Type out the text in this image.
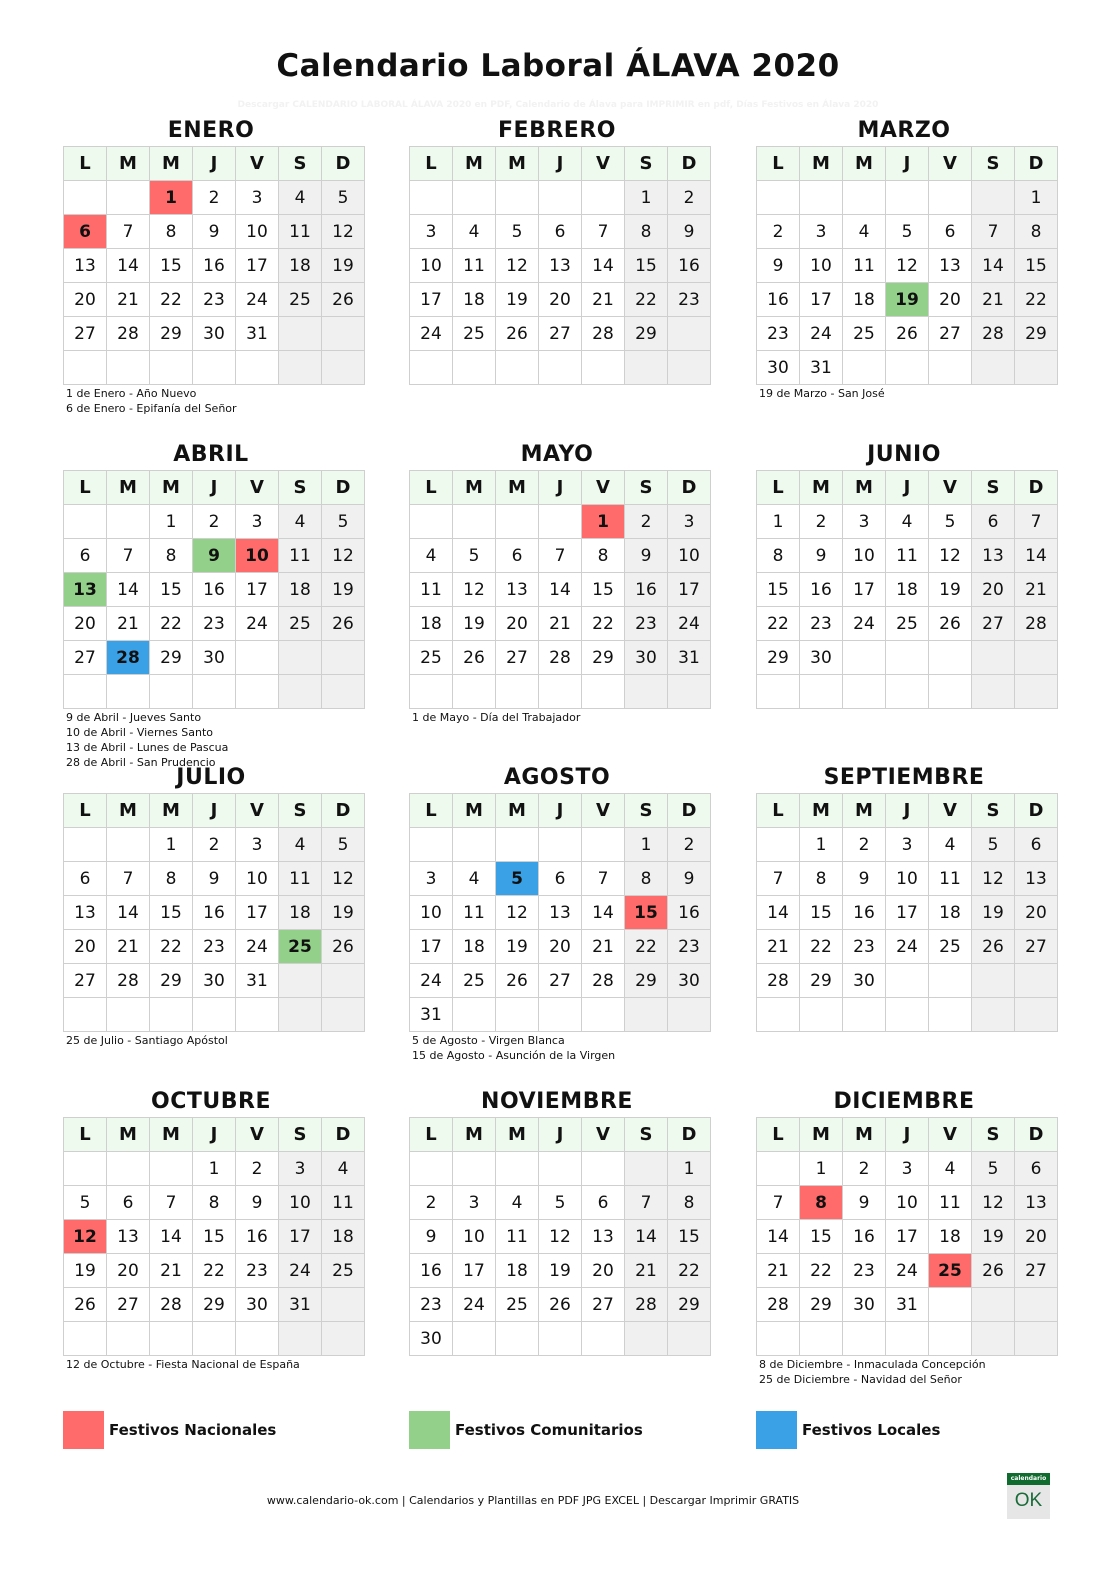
Calendario Laboral ÁLAVA 2020
Descargar CALENDARIO LABORAL ÁLAVA 2020 en PDF, Calendario de Álava para IMPRIMIR en pdf, Días Festivos en Álava 2020
ENERO
L	M	M	J	V	S	D
		1	2	3	4	5
6	7	8	9	10	11	12
13	14	15	16	17	18	19
20	21	22	23	24	25	26
27	28	29	30	31		

1 de Enero - Año Nuevo
6 de Enero - Epifanía del Señor
FEBRERO
L	M	M	J	V	S	D
					1	2
3	4	5	6	7	8	9
10	11	12	13	14	15	16
17	18	19	20	21	22	23
24	25	26	27	28	29	

MARZO
L	M	M	J	V	S	D
						1
2	3	4	5	6	7	8
9	10	11	12	13	14	15
16	17	18	19	20	21	22
23	24	25	26	27	28	29
30	31					
19 de Marzo - San José
ABRIL
L	M	M	J	V	S	D
		1	2	3	4	5
6	7	8	9	10	11	12
13	14	15	16	17	18	19
20	21	22	23	24	25	26
27	28	29	30			

9 de Abril - Jueves Santo
10 de Abril - Viernes Santo
13 de Abril - Lunes de Pascua
28 de Abril - San Prudencio
MAYO
L	M	M	J	V	S	D
				1	2	3
4	5	6	7	8	9	10
11	12	13	14	15	16	17
18	19	20	21	22	23	24
25	26	27	28	29	30	31

1 de Mayo - Día del Trabajador
JUNIO
L	M	M	J	V	S	D
1	2	3	4	5	6	7
8	9	10	11	12	13	14
15	16	17	18	19	20	21
22	23	24	25	26	27	28
29	30					

JULIO
L	M	M	J	V	S	D
		1	2	3	4	5
6	7	8	9	10	11	12
13	14	15	16	17	18	19
20	21	22	23	24	25	26
27	28	29	30	31		

25 de Julio - Santiago Apóstol
AGOSTO
L	M	M	J	V	S	D
					1	2
3	4	5	6	7	8	9
10	11	12	13	14	15	16
17	18	19	20	21	22	23
24	25	26	27	28	29	30
31						
5 de Agosto - Virgen Blanca
15 de Agosto - Asunción de la Virgen
SEPTIEMBRE
L	M	M	J	V	S	D
	1	2	3	4	5	6
7	8	9	10	11	12	13
14	15	16	17	18	19	20
21	22	23	24	25	26	27
28	29	30				

OCTUBRE
L	M	M	J	V	S	D
			1	2	3	4
5	6	7	8	9	10	11
12	13	14	15	16	17	18
19	20	21	22	23	24	25
26	27	28	29	30	31	

12 de Octubre - Fiesta Nacional de España
NOVIEMBRE
L	M	M	J	V	S	D
						1
2	3	4	5	6	7	8
9	10	11	12	13	14	15
16	17	18	19	20	21	22
23	24	25	26	27	28	29
30						
DICIEMBRE
L	M	M	J	V	S	D
	1	2	3	4	5	6
7	8	9	10	11	12	13
14	15	16	17	18	19	20
21	22	23	24	25	26	27
28	29	30	31			

8 de Diciembre - Inmaculada Concepción
25 de Diciembre - Navidad del Señor
Festivos Nacionales	Festivos Comunitarios	Festivos Locales
www.calendario-ok.com | Calendarios y Plantillas en PDF JPG EXCEL | Descargar Imprimir GRATIS
calendario
OK
